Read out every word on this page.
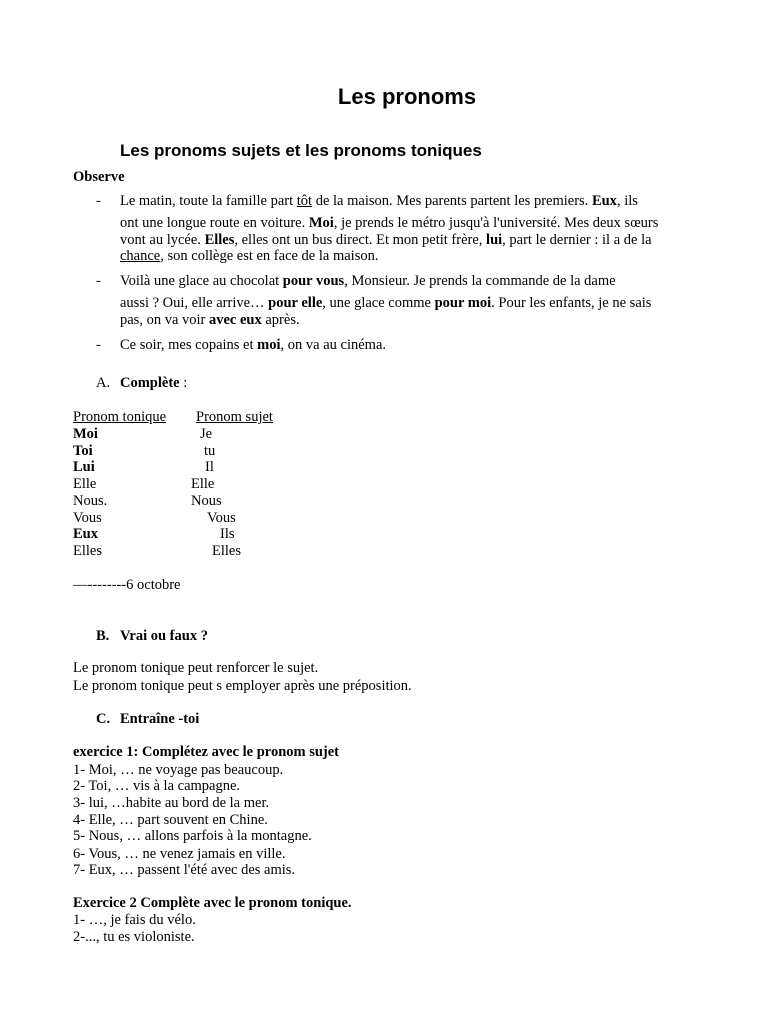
Les pronoms
Les pronoms sujets et les pronoms toniques
Observe
- Le matin, toute la famille part tôt de la maison. Mes parents partent les premiers. Eux, ils
ont une longue route en voiture. Moi, je prends le métro jusqu'à l'université. Mes deux sœurs
vont au lycée. Elles, elles ont un bus direct. Et mon petit frère, lui, part le dernier : il a de la
chance, son collège est en face de la maison.
- Voilà une glace au chocolat pour vous, Monsieur. Je prends la commande de la dame
aussi ? Oui, elle arrive… pour elle, une glace comme pour moi. Pour les enfants, je ne sais
pas, on va voir avec eux après.
- Ce soir, mes copains et moi, on va au cinéma.
A. Complète :
Pronom tonique Pronom sujet
Moi	Je
Toi	tu
Lui	Il
Elle	Elle
Nous.	Nous
Vous	Vous
Eux	Ils
Elles	Elles
—--------6 octobre
B. Vrai ou faux ?
Le pronom tonique peut renforcer le sujet.
Le pronom tonique peut s employer après une préposition.
C. Entraîne -toi
exercice 1: Complétez avec le pronom sujet
1- Moi, … ne voyage pas beaucoup.
2- Toi, … vis à la campagne.
3- lui, …habite au bord de la mer.
4- Elle, … part souvent en Chine.
5- Nous, … allons parfois à la montagne.
6- Vous, … ne venez jamais en ville.
7- Eux, … passent l'été avec des amis.
Exercice 2 Complète avec le pronom tonique.
1- …, je fais du vélo.
2-..., tu es violoniste.
